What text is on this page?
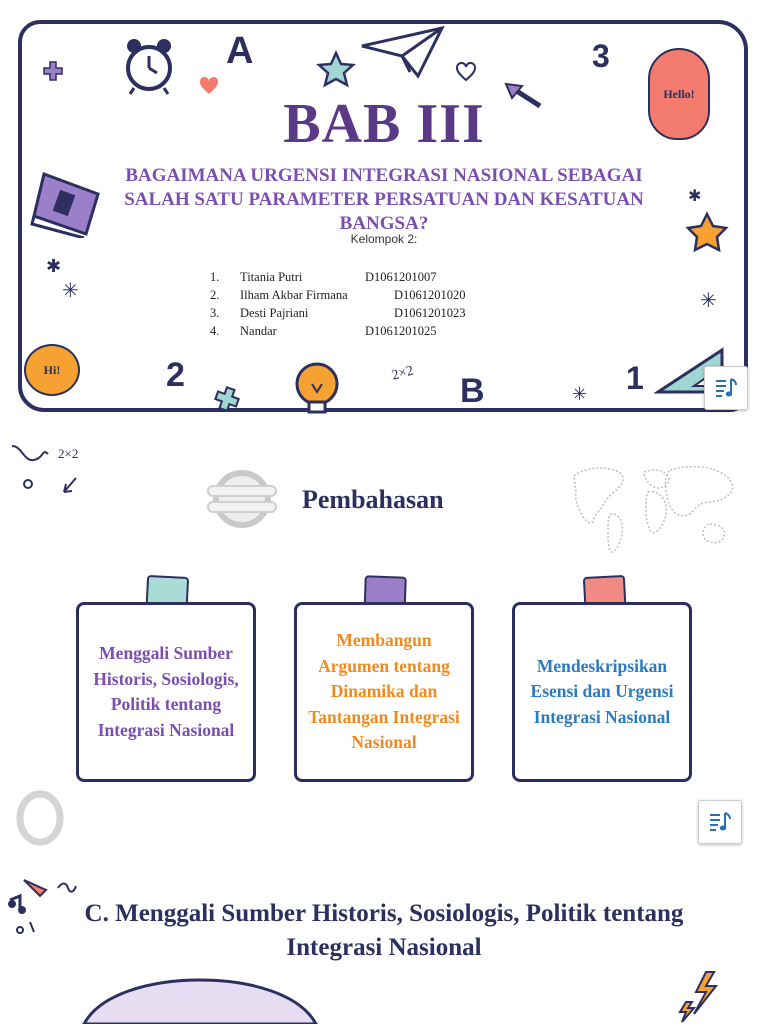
A	3
Hello!
✱
✳	✳
✱
BAB III
BAGAIMANA URGENSI INTEGRASI NASIONAL SEBAGAI SALAH SATU PARAMETER PERSATUAN DAN KESATUAN BANGSA?
Kelompok 2:
1.	Titania Putri	D1061201007
2.	Ilham Akbar Firmana	D1061201020
3.	Desti Pajriani	D1061201023
4.	Nandar	D1061201025
Hi!	2	2×2 B	1
✳
2×2
Pembahasan
Menggali Sumber Historis, Sosiologis, Politik tentang Integrasi Nasional
Membangun Argumen tentang Dinamika dan Tantangan Integrasi Nasional
Mendeskripsikan Esensi dan Urgensi Integrasi Nasional
C. Menggali Sumber Historis, Sosiologis, Politik tentang Integrasi Nasional
